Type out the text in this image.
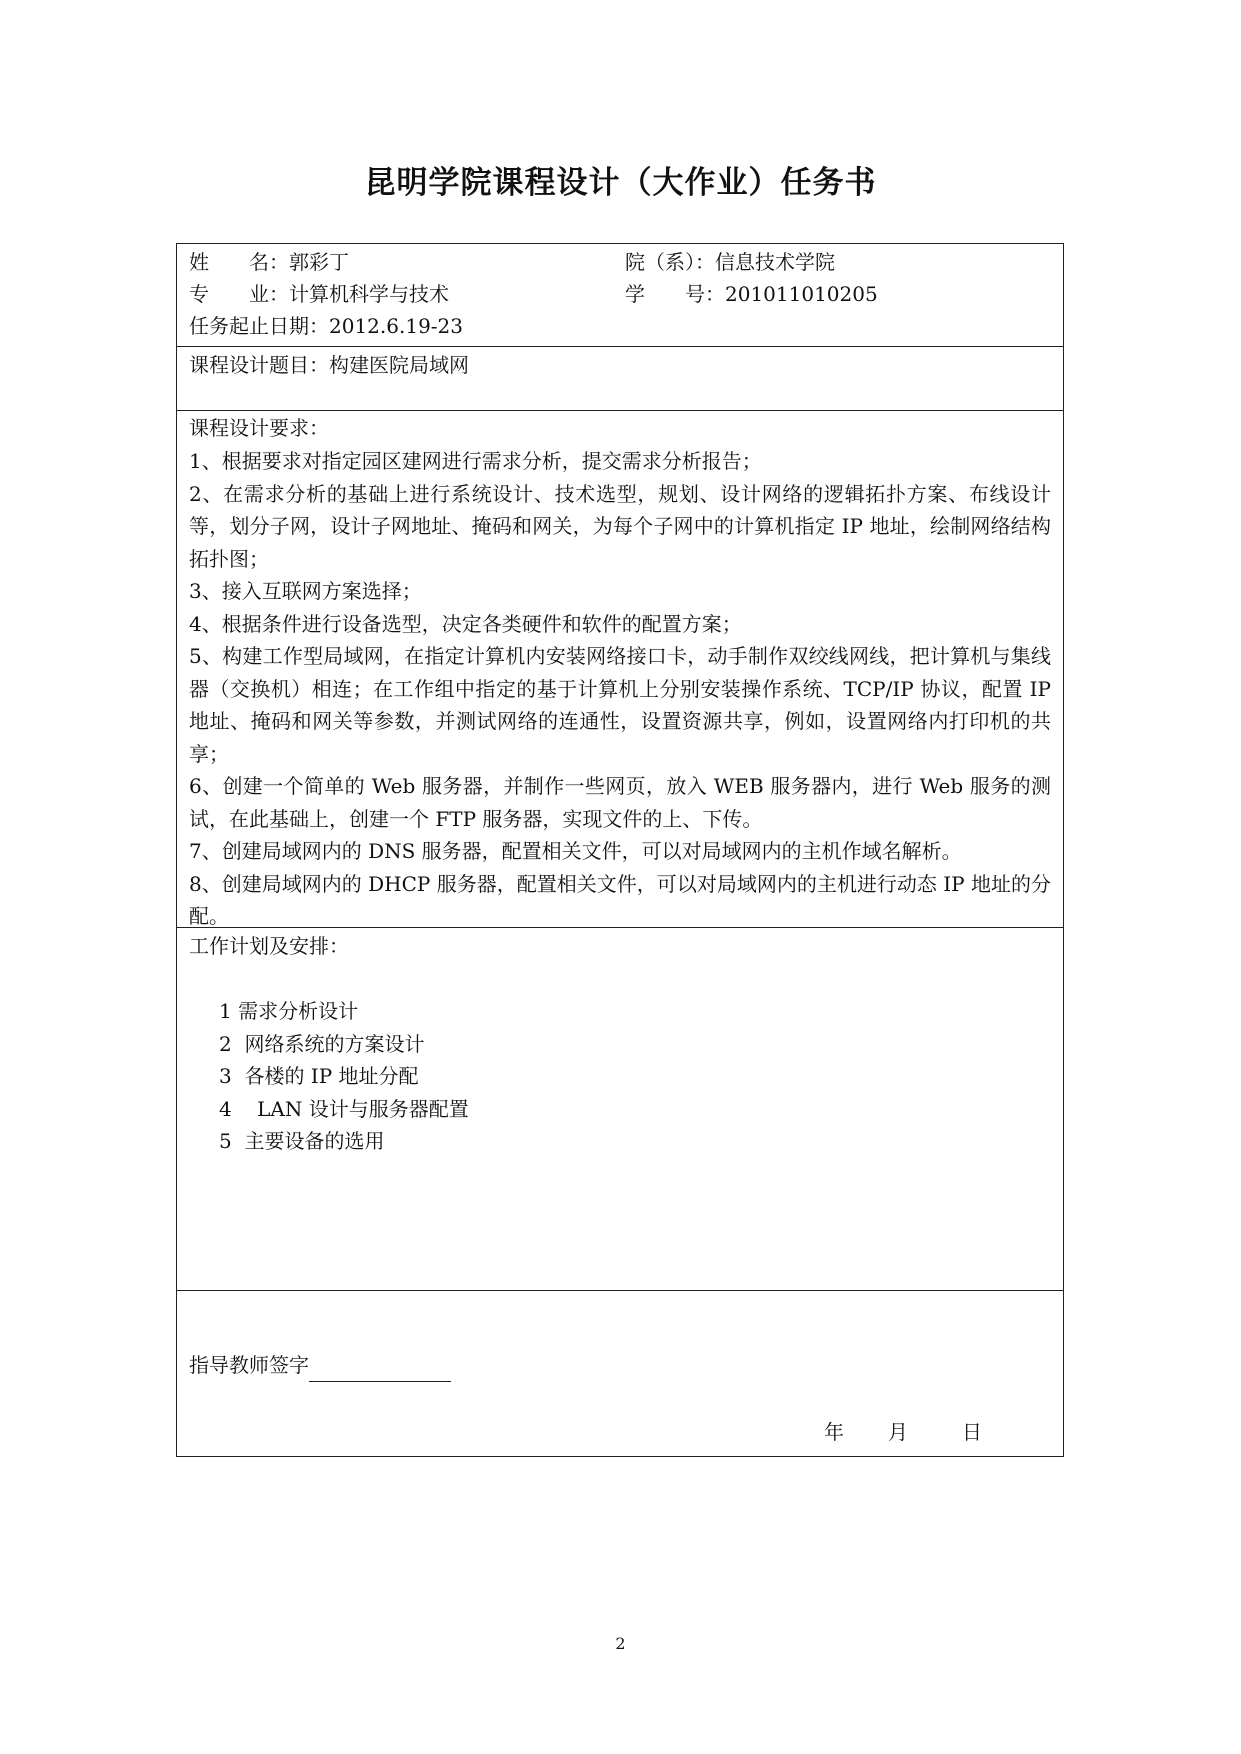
昆明学院课程设计（大作业）任务书
姓　　名：郭彩丁	院（系）：信息技术学院
专　　业：计算机科学与技术	学　　号：201011010205
任务起止日期：2012.6.19-23
课程设计题目：构建医院局域网
课程设计要求：
1、根据要求对指定园区建网进行需求分析，提交需求分析报告；
2、在需求分析的基础上进行系统设计、技术选型，规划、设计网络的逻辑拓扑方案、布线设计等，划分子网，设计子网地址、掩码和网关，为每个子网中的计算机指定 IP 地址，绘制网络结构拓扑图；
3、接入互联网方案选择；
4、根据条件进行设备选型，决定各类硬件和软件的配置方案；
5、构建工作型局域网，在指定计算机内安装网络接口卡，动手制作双绞线网线，把计算机与集线器（交换机）相连；在工作组中指定的基于计算机上分别安装操作系统、TCP/IP 协议，配置 IP 地址、掩码和网关等参数，并测试网络的连通性，设置资源共享，例如，设置网络内打印机的共享；
6、创建一个简单的 Web 服务器，并制作一些网页，放入 WEB 服务器内，进行 Web 服务的测试，在此基础上，创建一个 FTP 服务器，实现文件的上、下传。
7、创建局域网内的 DNS 服务器，配置相关文件，可以对局域网内的主机作域名解析。
8、创建局域网内的 DHCP 服务器，配置相关文件，可以对局域网内的主机进行动态 IP 地址的分配。
工作计划及安排：
1 需求分析设计
2  网络系统的方案设计
3  各楼的 IP 地址分配
4    LAN 设计与服务器配置
5  主要设备的选用
指导教师签字
年 月	日
2
